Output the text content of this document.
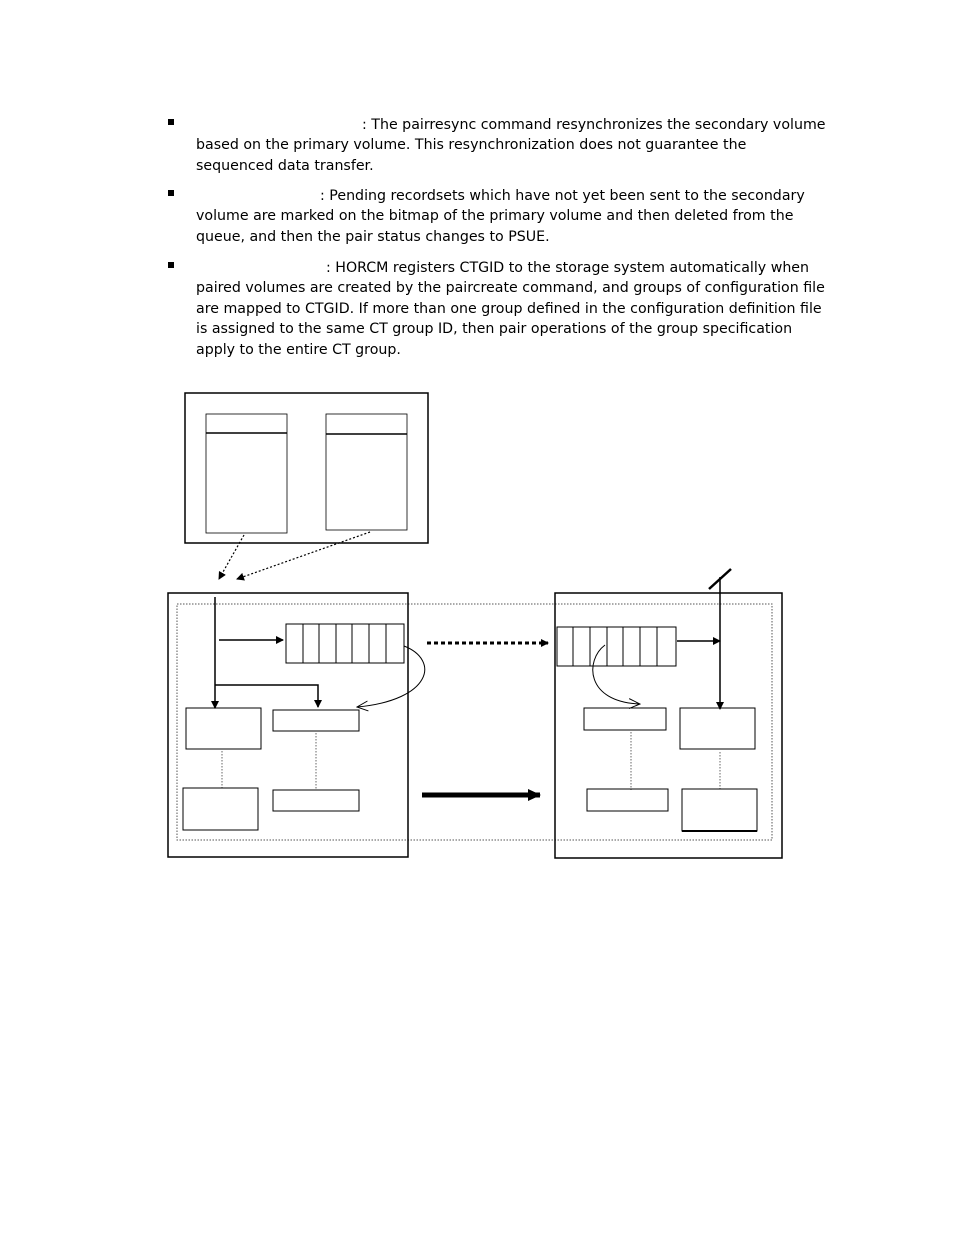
: The pairresync command resynchronizes the secondary volume based on the primary volume. This resynchronization does not guarantee the sequenced data transfer.
: Pending recordsets which have not yet been sent to the secondary volume are marked on the bitmap of the primary volume and then deleted from the queue, and then the pair status changes to PSUE.
: HORCM registers CTGID to the storage system automatically when paired volumes are created by the paircreate command, and groups of configuration file are mapped to CTGID. If more than one group defined in the configuration definition file is assigned to the same CT group ID, then pair operations of the group specification apply to the entire CT group.
